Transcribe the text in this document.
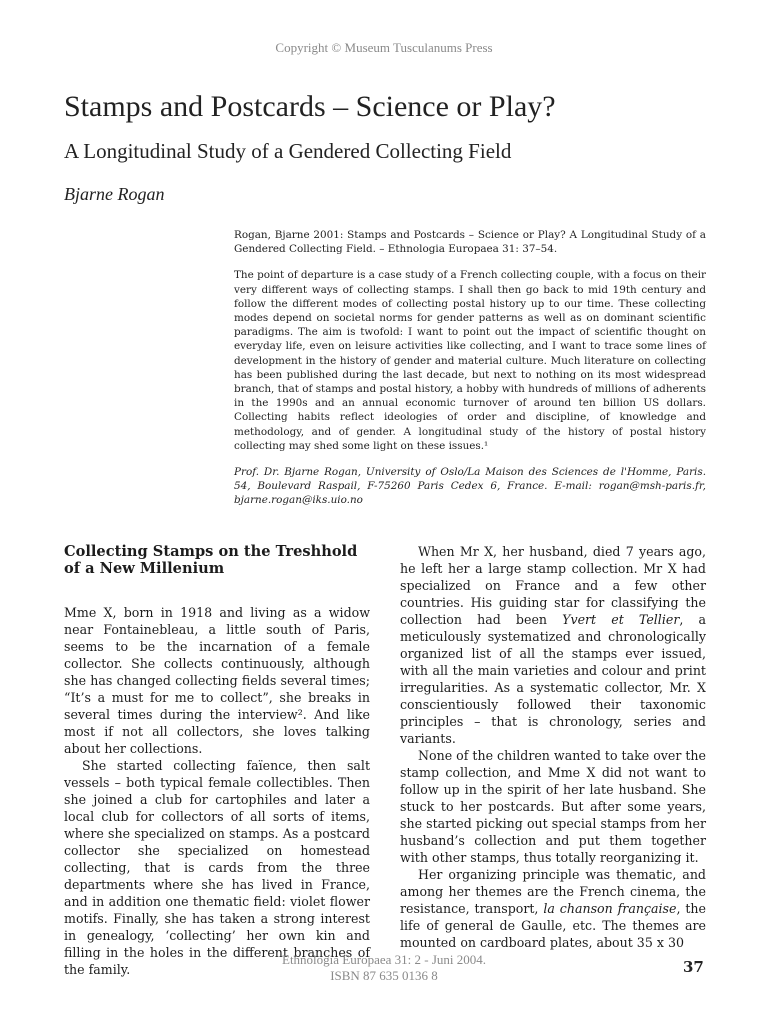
Copyright © Museum Tusculanums Press
Stamps and Postcards – Science or Play?
A Longitudinal Study of a Gendered Collecting Field
Bjarne Rogan

Rogan, Bjarne 2001: Stamps and Postcards – Science or Play? A Longitudinal Study of a Gendered Collecting Field. – Ethnologia Europaea 31: 37–54.

The point of departure is a case study of a French collecting couple, with a focus on their very different ways of collecting stamps. I shall then go back to mid 19th century and follow the different modes of collecting postal history up to our time. These collecting modes depend on societal norms for gender patterns as well as on dominant scientific paradigms. The aim is twofold: I want to point out the impact of scientific thought on everyday life, even on leisure activities like collecting, and I want to trace some lines of development in the history of gender and material culture. Much literature on collecting has been published during the last decade, but next to nothing on its most widespread branch, that of stamps and postal history, a hobby with hundreds of millions of adherents in the 1990s and an annual economic turnover of around ten billion US dollars. Collecting habits reflect ideologies of order and discipline, of knowledge and methodology, and of gender. A longitudinal study of the history of postal history collecting may shed some light on these issues.¹

Prof. Dr. Bjarne Rogan, University of Oslo/La Maison des Sciences de l'Homme, Paris. 54, Boulevard Raspail, F-75260 Paris Cedex 6, France. E-mail: rogan@msh-paris.fr, bjarne.rogan@iks.uio.no

Collecting Stamps on the Treshhold of a New Millenium

Mme X, born in 1918 and living as a widow near Fontainebleau, a little south of Paris, seems to be the incarnation of a female collector. She collects continuously, although she has changed collecting fields several times; “It’s a must for me to collect”, she breaks in several times during the interview². And like most if not all collectors, she loves talking about her collections.

She started collecting faïence, then salt vessels – both typical female collectibles. Then she joined a club for cartophiles and later a local club for collectors of all sorts of items, where she specialized on stamps. As a postcard collector she specialized on homestead collecting, that is cards from the three departments where she has lived in France, and in addition one thematic field: violet flower motifs. Finally, she has taken a strong interest in genealogy, ‘collecting’ her own kin and filling in the holes in the different branches of the family.

When Mr X, her husband, died 7 years ago, he left her a large stamp collection. Mr X had specialized on France and a few other countries. His guiding star for classifying the collection had been Yvert et Tellier, a meticulously systematized and chronologically organized list of all the stamps ever issued, with all the main varieties and colour and print irregularities. As a systematic collector, Mr. X conscientiously followed their taxonomic principles – that is chronology, series and variants.

None of the children wanted to take over the stamp collection, and Mme X did not want to follow up in the spirit of her late husband. She stuck to her postcards. But after some years, she started picking out special stamps from her husband’s collection and put them together with other stamps, thus totally reorganizing it.

Her organizing principle was thematic, and among her themes are the French cinema, the resistance, transport, la chanson française, the life of general de Gaulle, etc. The themes are mounted on cardboard plates, about 35 x 30

Ethnologia Europaea 31: 2 - Juni 2004.
ISBN 87 635 0136 8	37
